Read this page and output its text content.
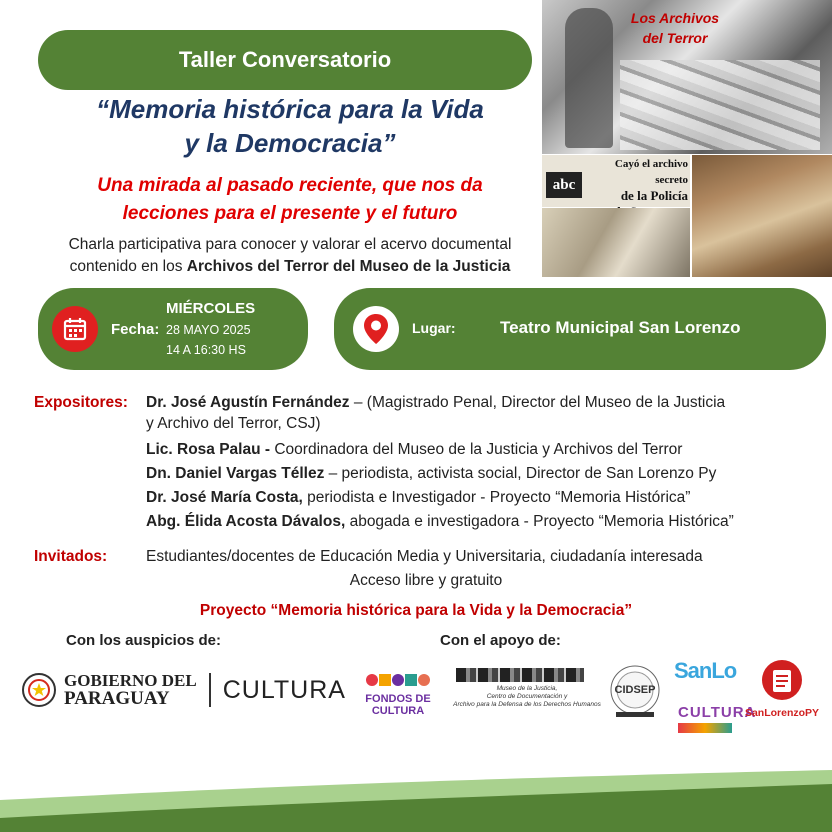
Taller Conversatorio
“Memoria histórica para la Vida
y la Democracia”
Una mirada al pasado reciente, que nos da
lecciones para el presente y el futuro
Charla participativa para conocer y valorar el acervo documental
contenido en los Archivos del Terror del Museo de la Justicia
Los Archivos
del Terror
abc
Cayó el archivo secreto
de la Policía
Fecha:
MIÉRCOLES
28 MAYO 2025
14 A 16:30 HS
Lugar:	Teatro Municipal San Lorenzo
Expositores: Dr. José Agustín Fernández – (Magistrado Penal, Director del Museo de la Justicia
y Archivo del Terror, CSJ)
Lic. Rosa Palau - Coordinadora del Museo de la Justicia y Archivos del Terror
Dn. Daniel Vargas Téllez – periodista, activista social, Director de San Lorenzo Py
Dr. José María Costa, periodista e Investigador - Proyecto “Memoria Histórica”
Abg. Élida Acosta Dávalos, abogada e investigadora - Proyecto “Memoria Histórica”
Invitados:	Estudiantes/docentes de Educación Media y Universitaria, ciudadanía interesada
Acceso libre y gratuito
Proyecto “Memoria histórica para la Vida y la Democracia”
Con los auspicios de:	Con el apoyo de:
GOBIERNO DEL
PARAGUAY	CULTURA FONDOS DE CULTURA
Museo de la Justicia,
Centro de Documentación y
Archivo para la Defensa de los Derechos Humanos
CIDSEP
SanLo
CULTURA
SanLorenzoPY
